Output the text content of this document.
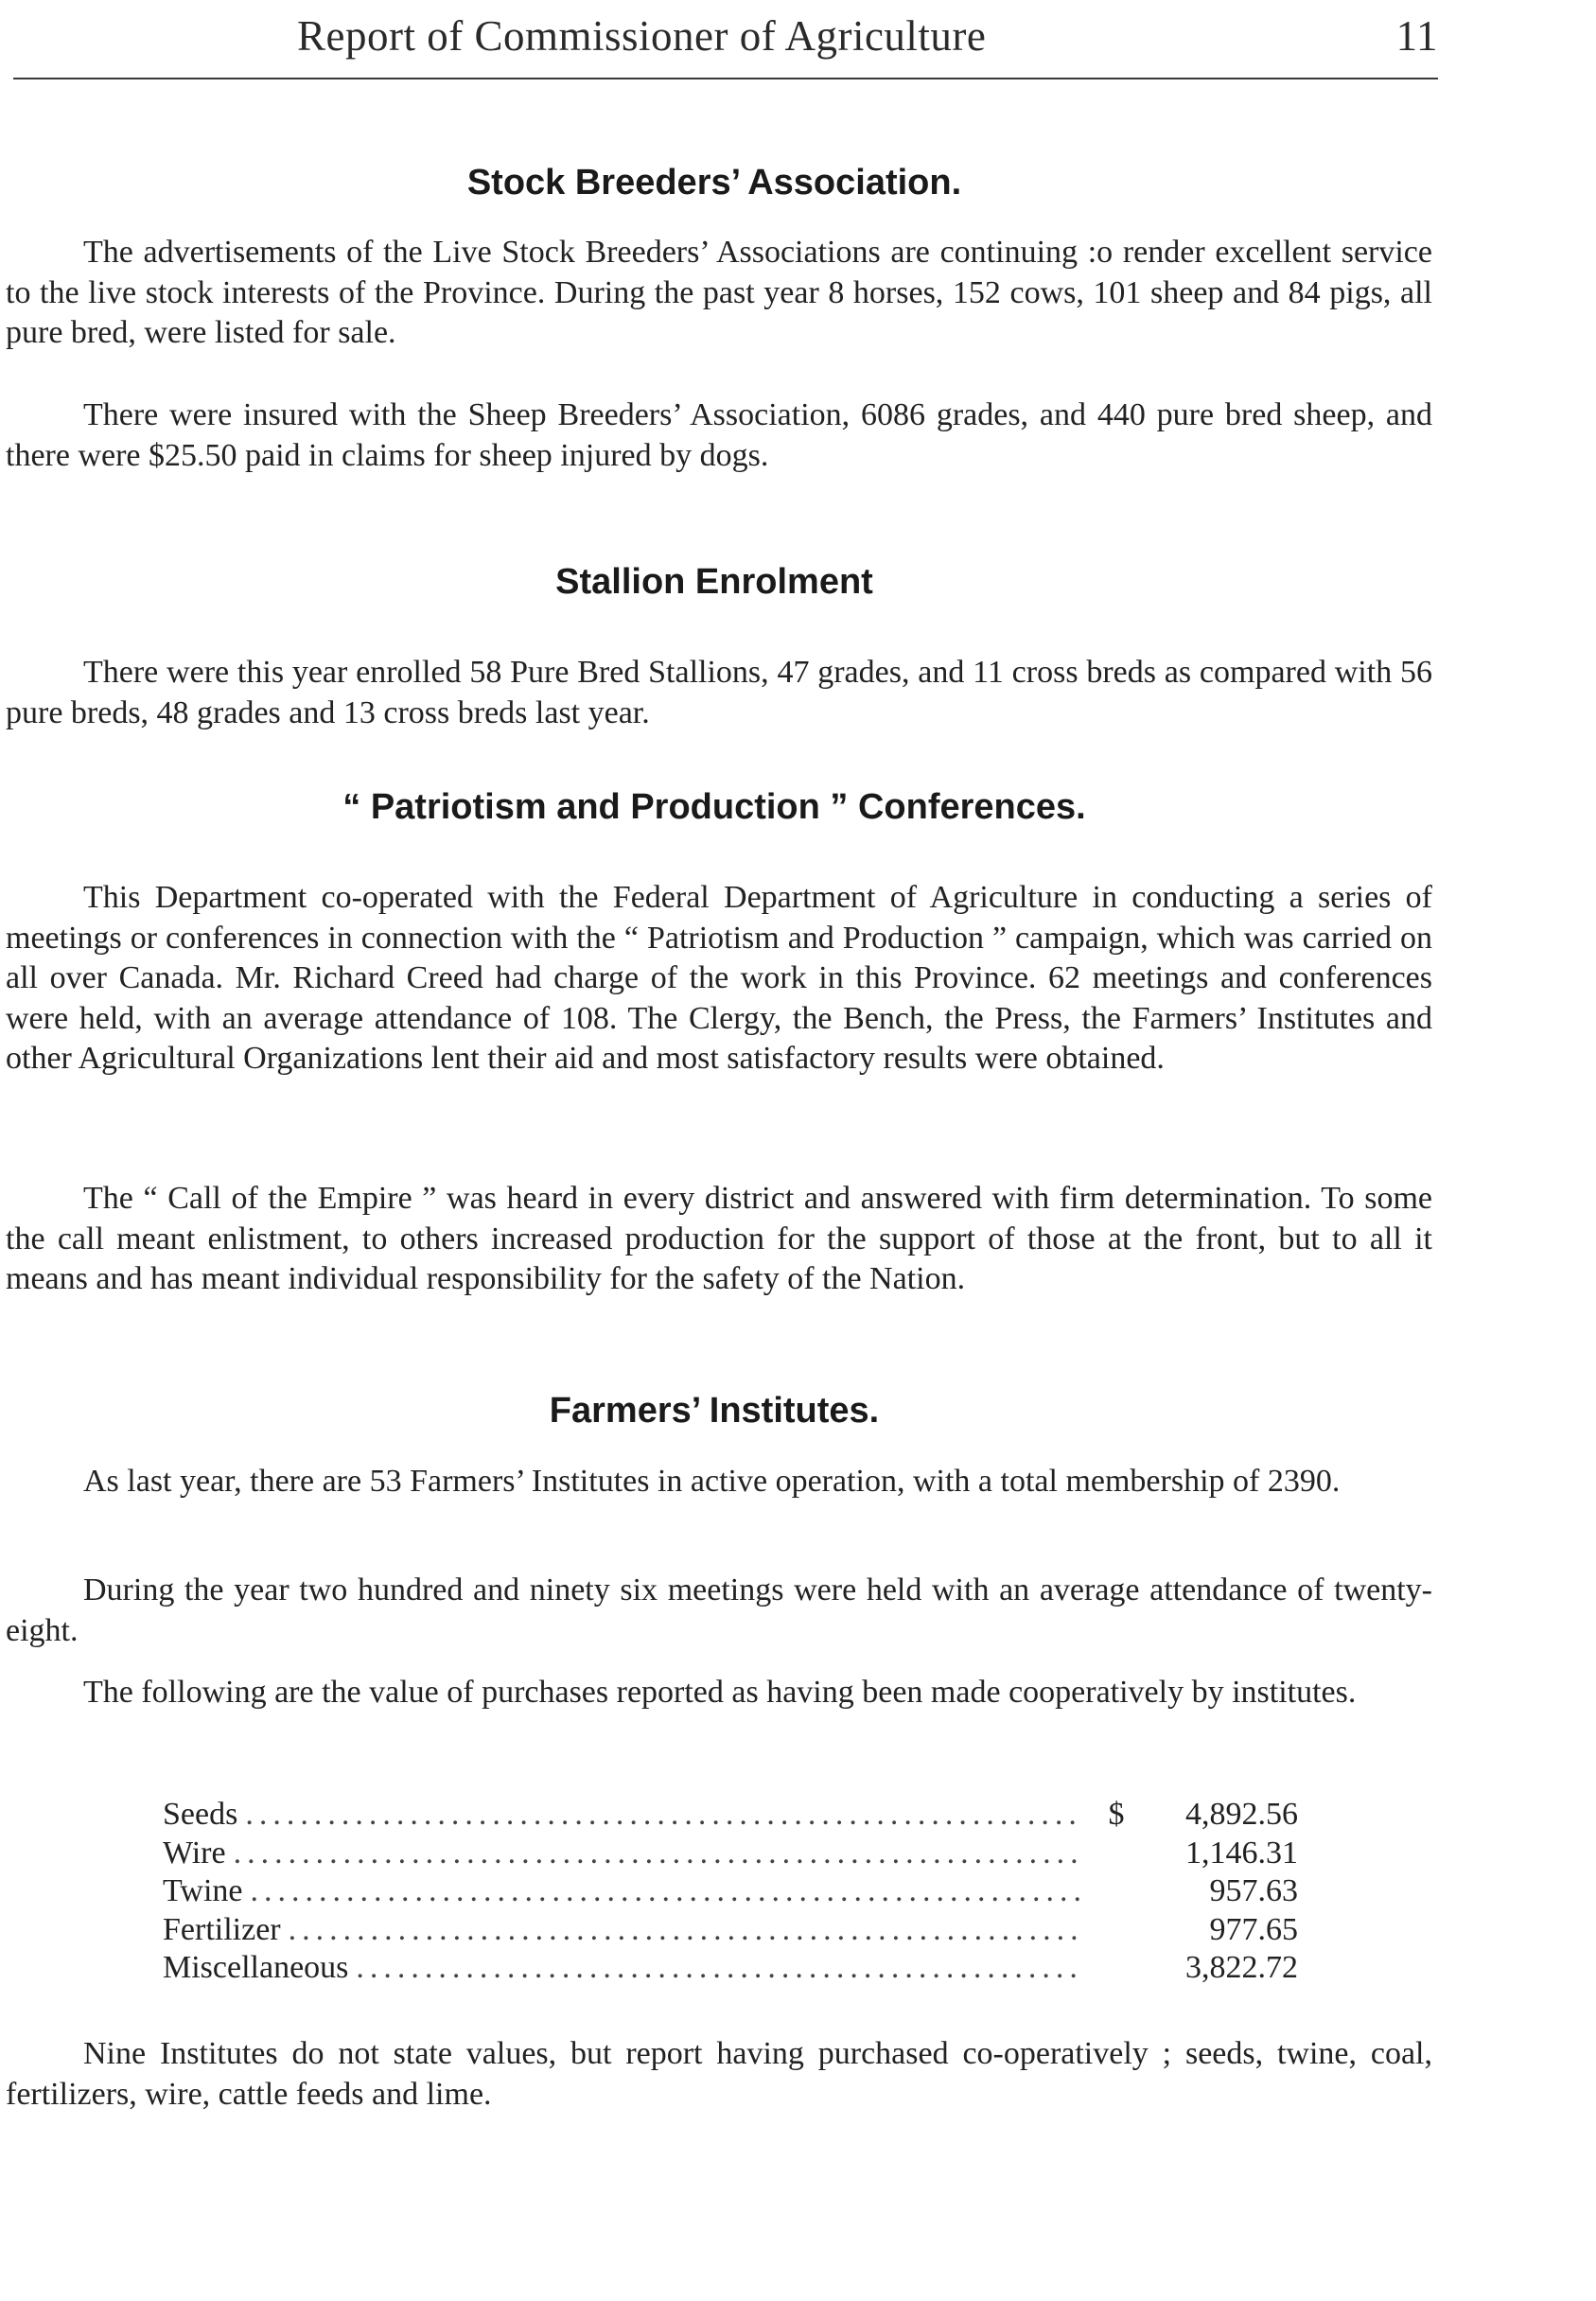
Report of Commissioner of Agriculture	11
Stock Breeders’ Association.
The advertisements of the Live Stock Breeders’ Associations are continuing :o render excellent service to the live stock interests of the Province. During the past year 8 horses, 152 cows, 101 sheep and 84 pigs, all pure bred, were listed for sale.
There were insured with the Sheep Breeders’ Association, 6086 grades, and 440 pure bred sheep, and there were $25.50 paid in claims for sheep injured by dogs.
Stallion Enrolment
There were this year enrolled 58 Pure Bred Stallions, 47 grades, and 11 cross breds as compared with 56 pure breds, 48 grades and 13 cross breds last year.
“ Patriotism and Production ” Conferences.
This Department co-operated with the Federal Department of Agriculture in conducting a series of meetings or conferences in connection with the “ Patriotism and Production ” campaign, which was carried on all over Canada. Mr. Richard Creed had charge of the work in this Province. 62 meetings and conferences were held, with an average attendance of 108. The Clergy, the Bench, the Press, the Farmers’ Institutes and other Agricultural Organizations lent their aid and most satisfactory results were obtained.
The “ Call of the Empire ” was heard in every district and answered with firm determination. To some the call meant enlistment, to others increased production for the support of those at the front, but to all it means and has meant individual responsibility for the safety of the Nation.
Farmers’ Institutes.
As last year, there are 53 Farmers’ Institutes in active operation, with a total membership of 2390.
During the year two hundred and ninety six meetings were held with an average attendance of twenty-eight.
The following are the value of purchases reported as having been made cooperatively by institutes.
Seeds .....	$	4,892.56
Wire .....	1,146.31
Twine .....	957.63
Fertilizer .....	977.65
Miscellaneous .....	3,822.72
Nine Institutes do not state values, but report having purchased co-operatively ; seeds, twine, coal, fertilizers, wire, cattle feeds and lime.
